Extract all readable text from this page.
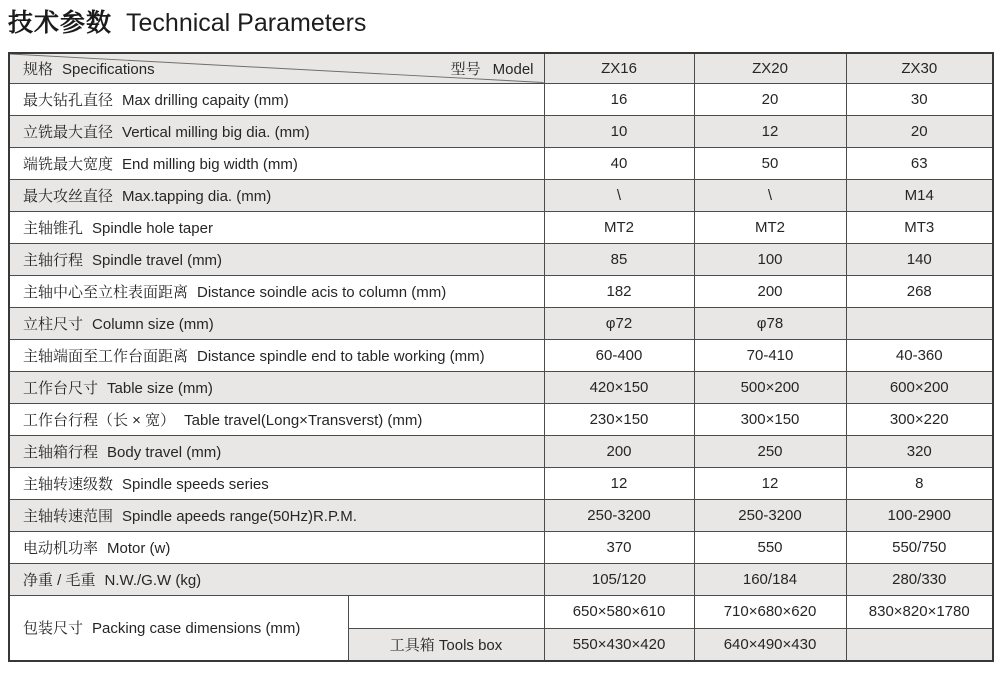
技术参数 Technical Parameters
规格 Specifications 型号 Model		ZX16	ZX20	ZX30
最大钻孔直径 Max drilling capaity (mm)		16	20	30
立铣最大直径 Vertical milling big dia. (mm)		10	12	20
端铣最大宽度 End milling big width (mm)		40	50	63
最大攻丝直径 Max.tapping dia. (mm)		\	\	M14
主轴锥孔 Spindle hole taper		MT2	MT2	MT3
主轴行程 Spindle travel (mm)		85	100	140
主轴中心至立柱表面距离 Distance soindle acis to column (mm)		182	200	268
立柱尺寸 Column size (mm)		φ72	φ78	
主轴端面至工作台面距离 Distance spindle end to table working (mm)		60-400	70-410	40-360
工作台尺寸 Table size (mm)		420×150	500×200	600×200
工作台行程（长 × 宽） Table travel(Long×Transverst) (mm)		230×150	300×150	300×220
主轴箱行程 Body travel (mm)		200	250	320
主轴转速级数 Spindle speeds series		12	12	8
主轴转速范围 Spindle apeeds range(50Hz)R.P.M.		250-3200	250-3200	100-2900
电动机功率 Motor (w)		370	550	550/750
净重 / 毛重 N.W./G.W (kg)		105/120	160/184	280/330
包装尺寸 Packing case dimensions (mm)		650×580×610	710×680×620	830×820×1780
	工具箱 Tools box	550×430×420	640×490×430	
